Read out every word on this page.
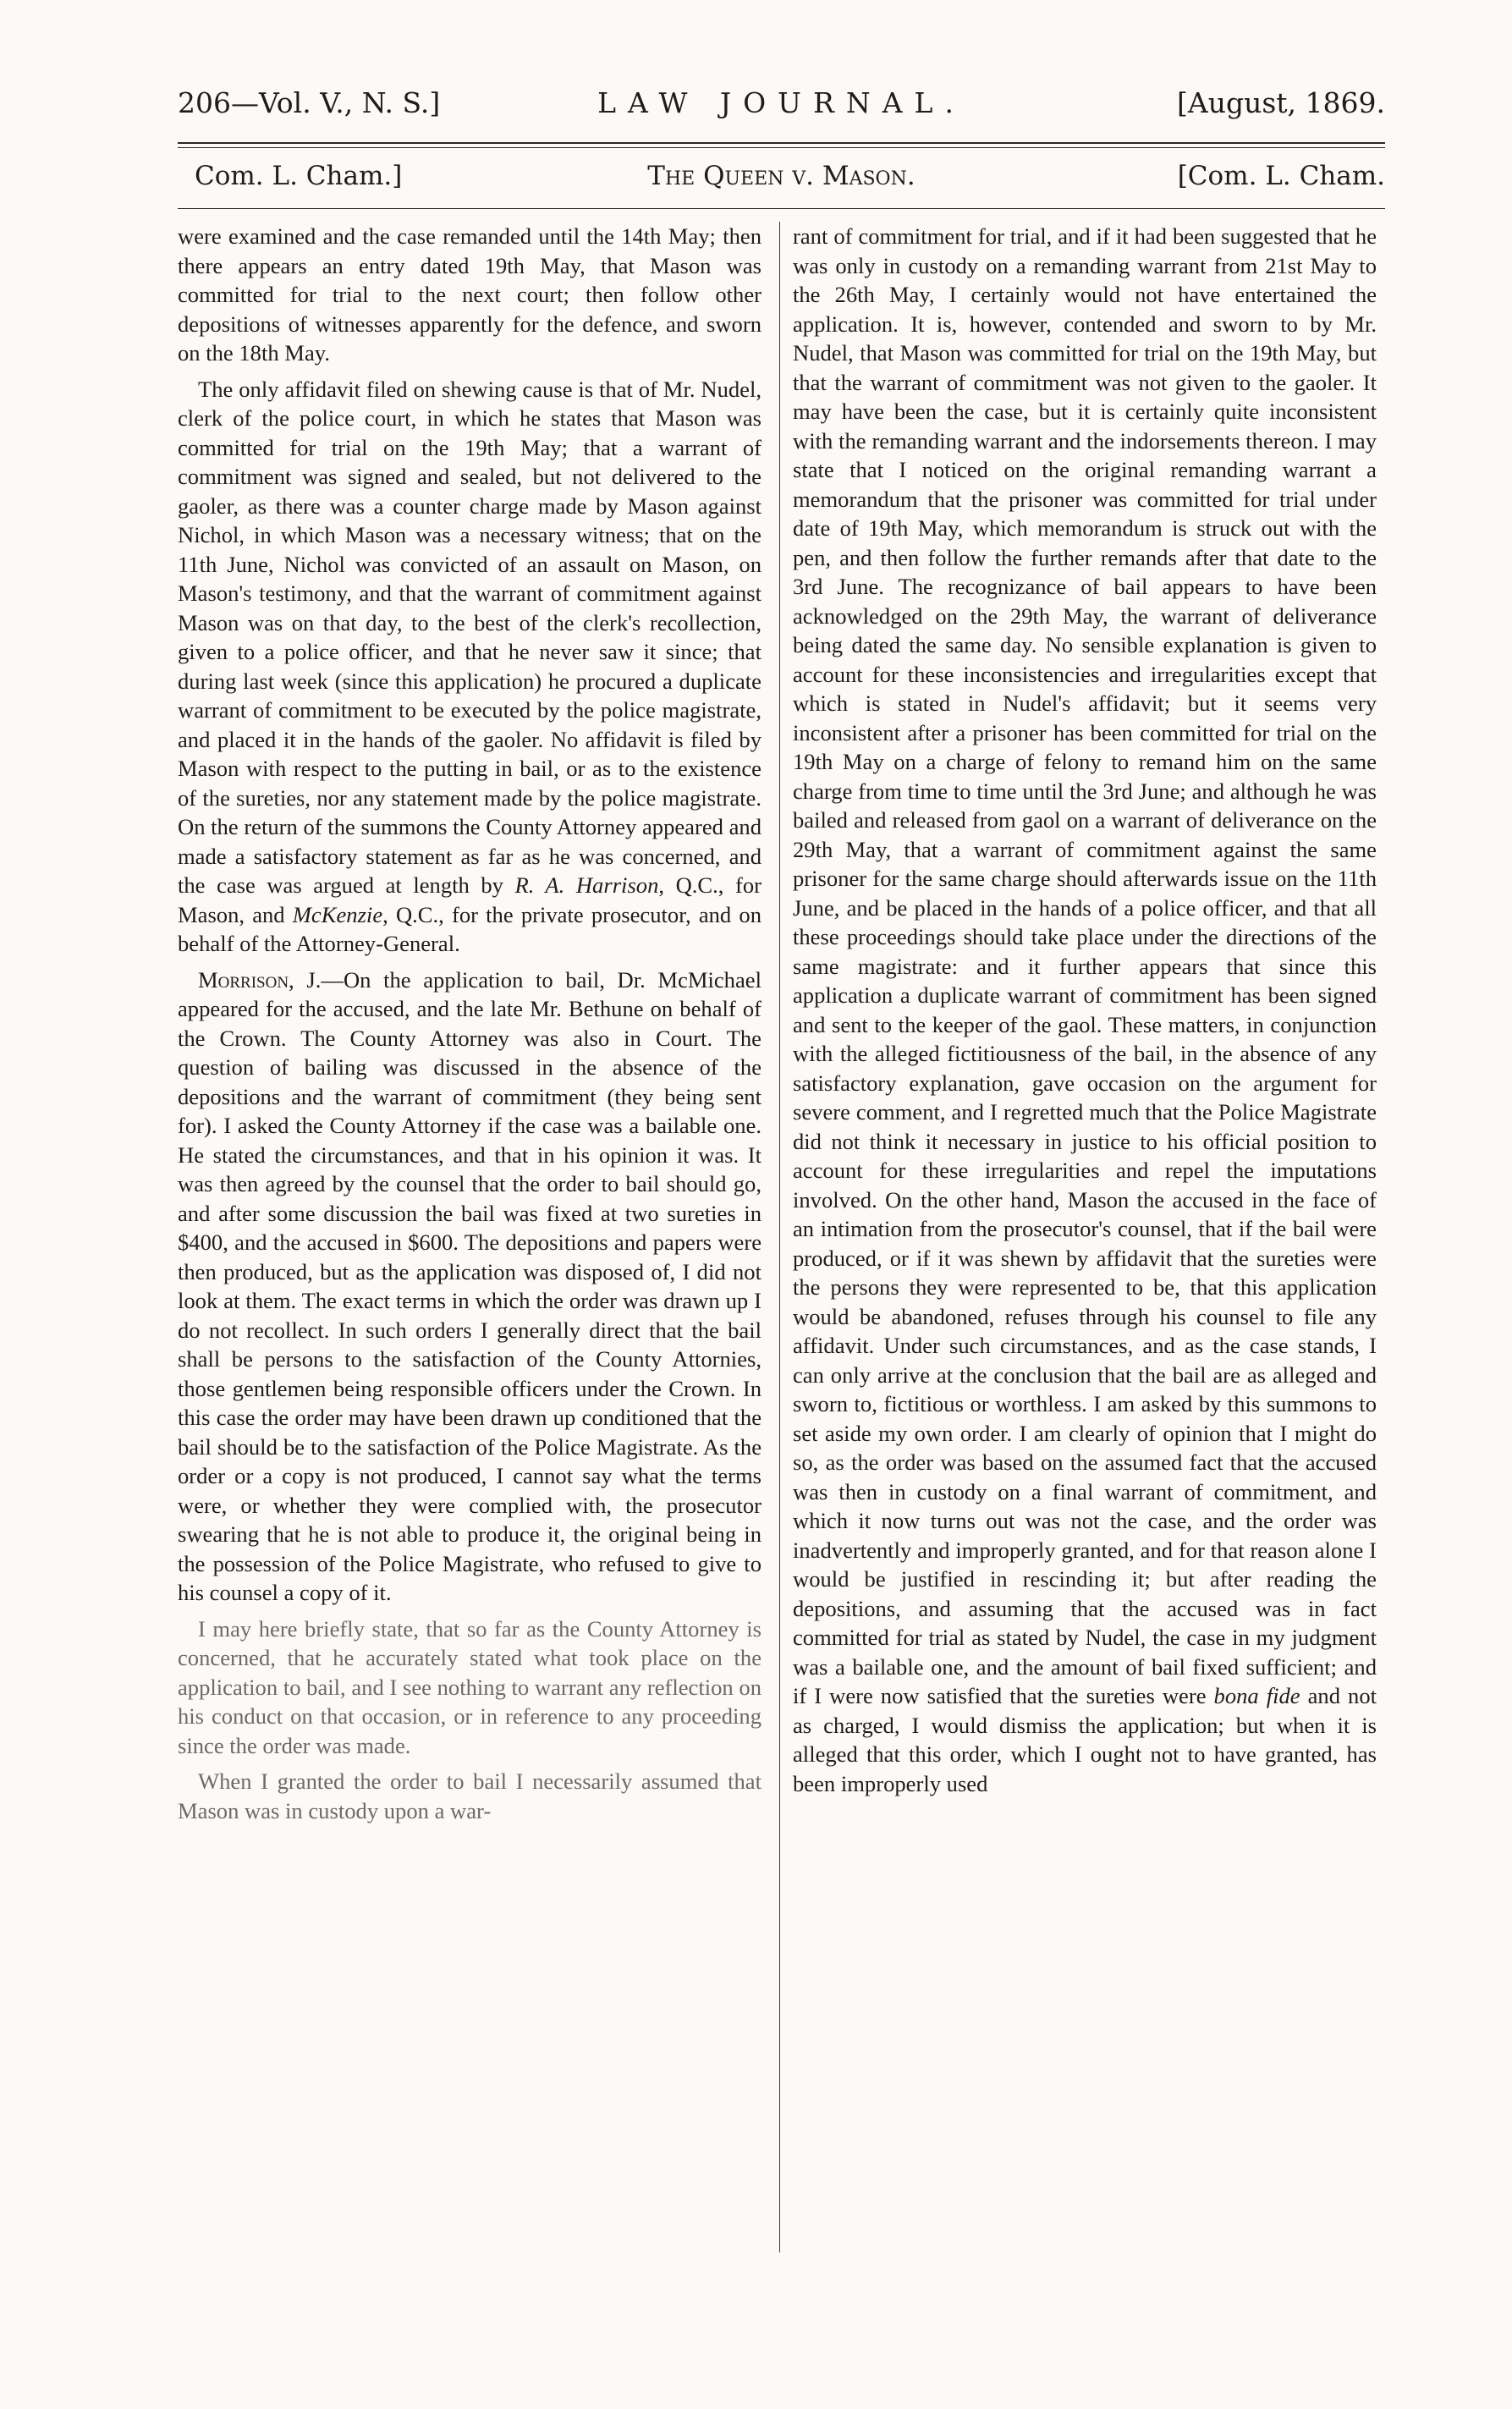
206—Vol. V., N. S.]	LAW JOURNAL.	[August, 1869.
Com. L. Cham.]	The Queen v. Mason.	[Com. L. Cham.

were examined and the case remanded until the 14th May; then there appears an entry dated 19th May, that Mason was committed for trial to the next court; then follow other depositions of witnesses apparently for the defence, and sworn on the 18th May.

The only affidavit filed on shewing cause is that of Mr. Nudel, clerk of the police court, in which he states that Mason was committed for trial on the 19th May; that a warrant of commitment was signed and sealed, but not delivered to the gaoler, as there was a counter charge made by Mason against Nichol, in which Mason was a necessary witness; that on the 11th June, Nichol was convicted of an assault on Mason, on Mason's testimony, and that the warrant of commitment against Mason was on that day, to the best of the clerk's recollection, given to a police officer, and that he never saw it since; that during last week (since this application) he procured a duplicate warrant of commitment to be executed by the police magistrate, and placed it in the hands of the gaoler. No affidavit is filed by Mason with respect to the putting in bail, or as to the existence of the sureties, nor any statement made by the police magistrate. On the return of the summons the County Attorney appeared and made a satisfactory statement as far as he was concerned, and the case was argued at length by R. A. Harrison, Q.C., for Mason, and McKenzie, Q.C., for the private prosecutor, and on behalf of the Attorney-General.

Morrison, J.—On the application to bail, Dr. McMichael appeared for the accused, and the late Mr. Bethune on behalf of the Crown. The County Attorney was also in Court. The question of bailing was discussed in the absence of the depositions and the warrant of commitment (they being sent for). I asked the County Attorney if the case was a bailable one. He stated the circumstances, and that in his opinion it was. It was then agreed by the counsel that the order to bail should go, and after some discussion the bail was fixed at two sureties in $400, and the accused in $600. The depositions and papers were then produced, but as the application was disposed of, I did not look at them. The exact terms in which the order was drawn up I do not recollect. In such orders I generally direct that the bail shall be persons to the satisfaction of the County Attornies, those gentlemen being responsible officers under the Crown. In this case the order may have been drawn up conditioned that the bail should be to the satisfaction of the Police Magistrate. As the order or a copy is not produced, I cannot say what the terms were, or whether they were complied with, the prosecutor swearing that he is not able to produce it, the original being in the possession of the Police Magistrate, who refused to give to his counsel a copy of it.

I may here briefly state, that so far as the County Attorney is concerned, that he accurately stated what took place on the application to bail, and I see nothing to warrant any reflection on his conduct on that occasion, or in reference to any proceeding since the order was made.

When I granted the order to bail I necessarily assumed that Mason was in custody upon a war-

rant of commitment for trial, and if it had been suggested that he was only in custody on a remanding warrant from 21st May to the 26th May, I certainly would not have entertained the application. It is, however, contended and sworn to by Mr. Nudel, that Mason was committed for trial on the 19th May, but that the warrant of commitment was not given to the gaoler. It may have been the case, but it is certainly quite inconsistent with the remanding warrant and the indorsements thereon. I may state that I noticed on the original remanding warrant a memorandum that the prisoner was committed for trial under date of 19th May, which memorandum is struck out with the pen, and then follow the further remands after that date to the 3rd June. The recognizance of bail appears to have been acknowledged on the 29th May, the warrant of deliverance being dated the same day. No sensible explanation is given to account for these inconsistencies and irregularities except that which is stated in Nudel's affidavit; but it seems very inconsistent after a prisoner has been committed for trial on the 19th May on a charge of felony to remand him on the same charge from time to time until the 3rd June; and although he was bailed and released from gaol on a warrant of deliverance on the 29th May, that a warrant of commitment against the same prisoner for the same charge should afterwards issue on the 11th June, and be placed in the hands of a police officer, and that all these proceedings should take place under the directions of the same magistrate: and it further appears that since this application a duplicate warrant of commitment has been signed and sent to the keeper of the gaol. These matters, in conjunction with the alleged fictitiousness of the bail, in the absence of any satisfactory explanation, gave occasion on the argument for severe comment, and I regretted much that the Police Magistrate did not think it necessary in justice to his official position to account for these irregularities and repel the imputations involved. On the other hand, Mason the accused in the face of an intimation from the prosecutor's counsel, that if the bail were produced, or if it was shewn by affidavit that the sureties were the persons they were represented to be, that this application would be abandoned, refuses through his counsel to file any affidavit. Under such circumstances, and as the case stands, I can only arrive at the conclusion that the bail are as alleged and sworn to, fictitious or worthless. I am asked by this summons to set aside my own order. I am clearly of opinion that I might do so, as the order was based on the assumed fact that the accused was then in custody on a final warrant of commitment, and which it now turns out was not the case, and the order was inadvertently and improperly granted, and for that reason alone I would be justified in rescinding it; but after reading the depositions, and assuming that the accused was in fact committed for trial as stated by Nudel, the case in my judgment was a bailable one, and the amount of bail fixed sufficient; and if I were now satisfied that the sureties were bona fide and not as charged, I would dismiss the application; but when it is alleged that this order, which I ought not to have granted, has been improperly used
